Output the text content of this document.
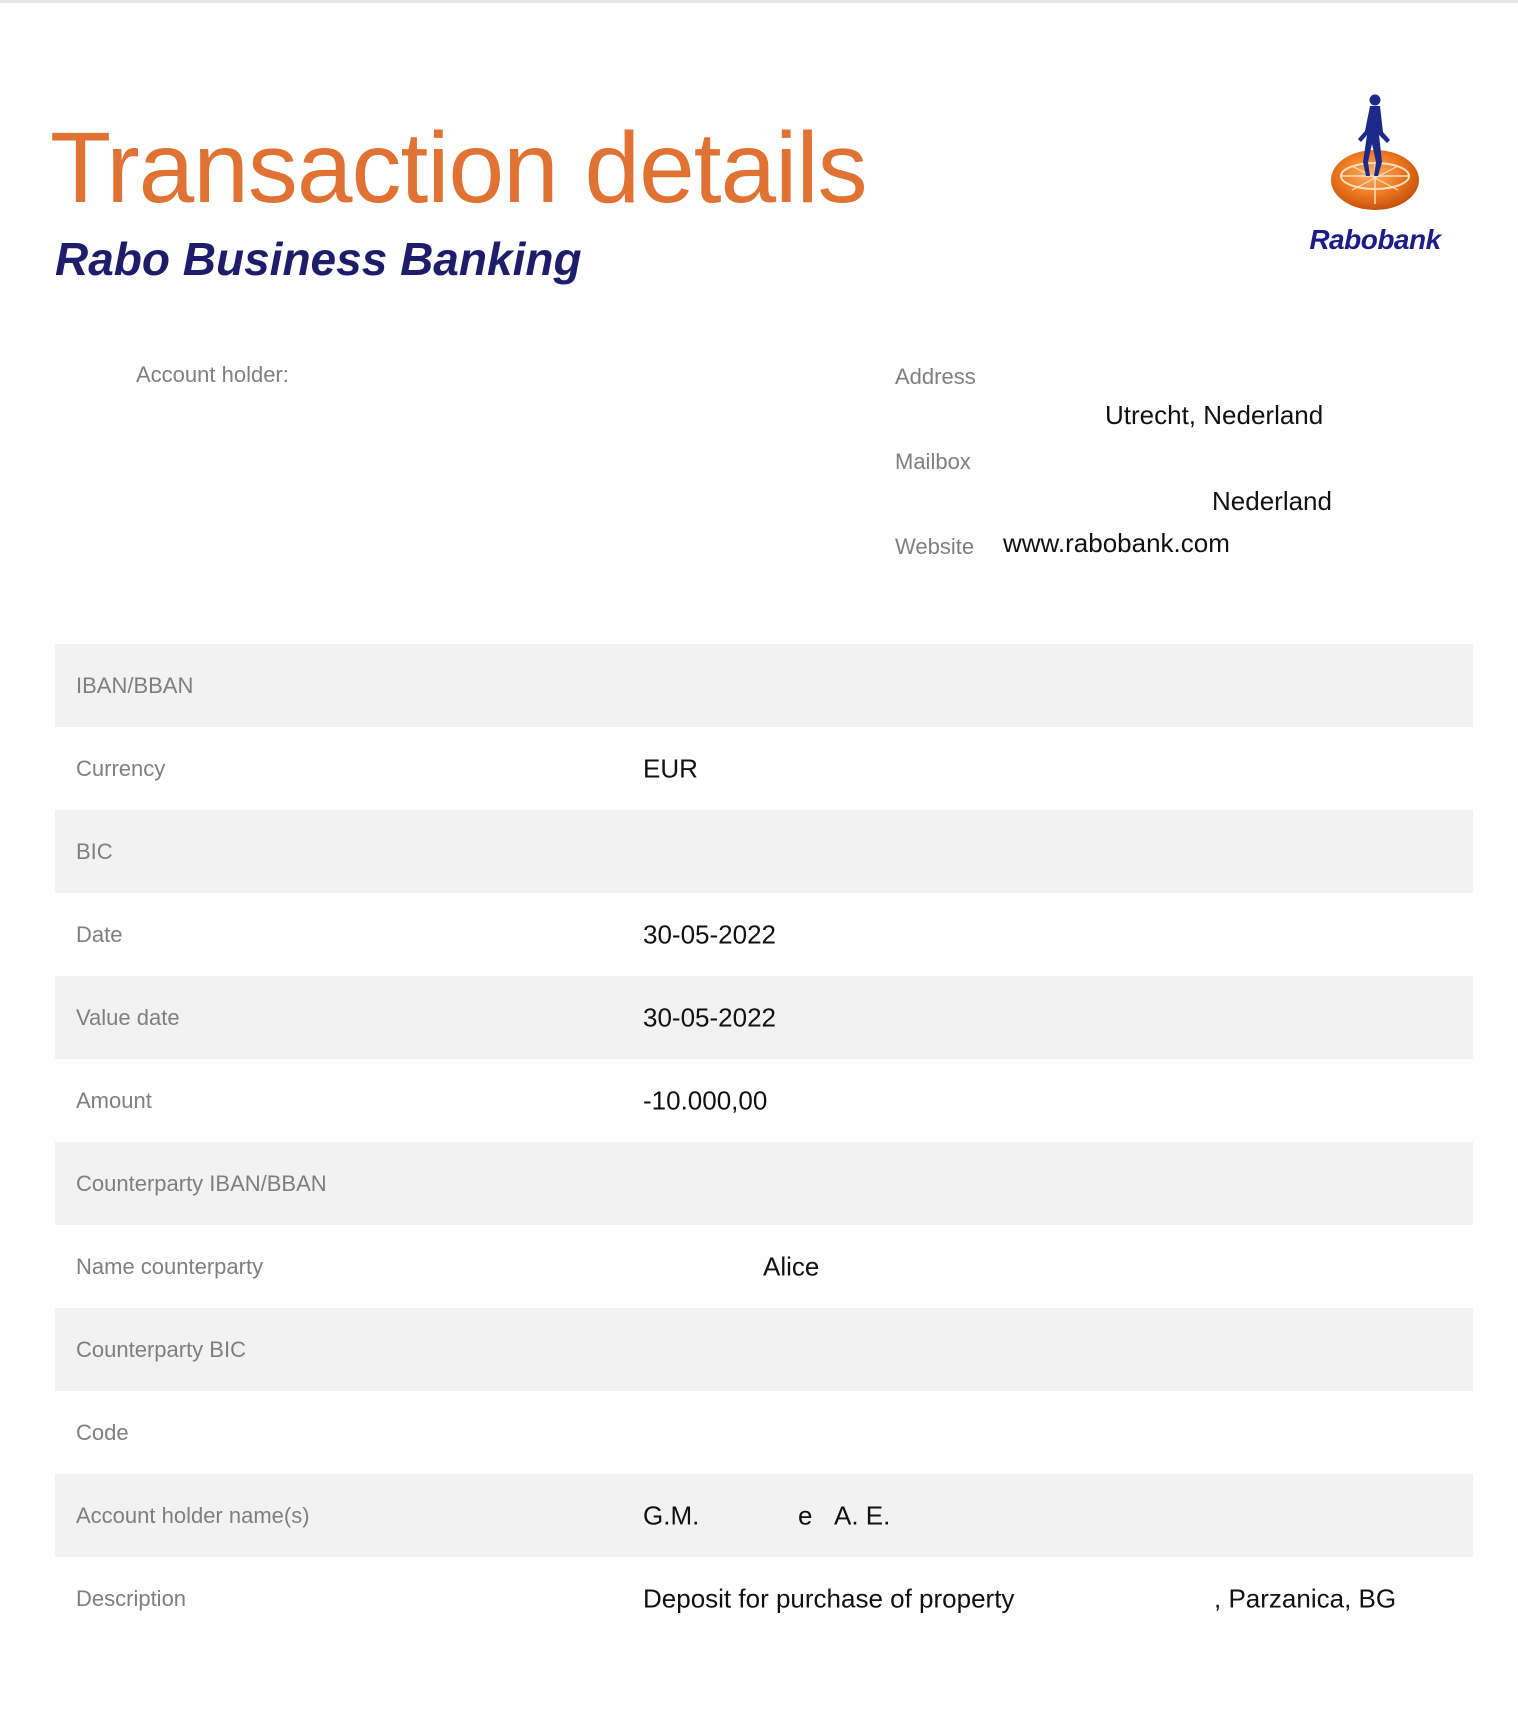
Transaction details
Rabo Business Banking	Rabobank
Account holder:	Address
Utrecht, Nederland
Mailbox
Nederland
Website www.rabobank.com
IBAN/BBAN
Currency	EUR
BIC
Date	30-05-2022
Value date	30-05-2022
Amount	-10.000,00
Counterparty IBAN/BBAN
Name counterparty	Alice
Counterparty BIC
Code
Account holder name(s)	G.M.	e A. E.
Description	Deposit for purchase of property	, Parzanica, BG
